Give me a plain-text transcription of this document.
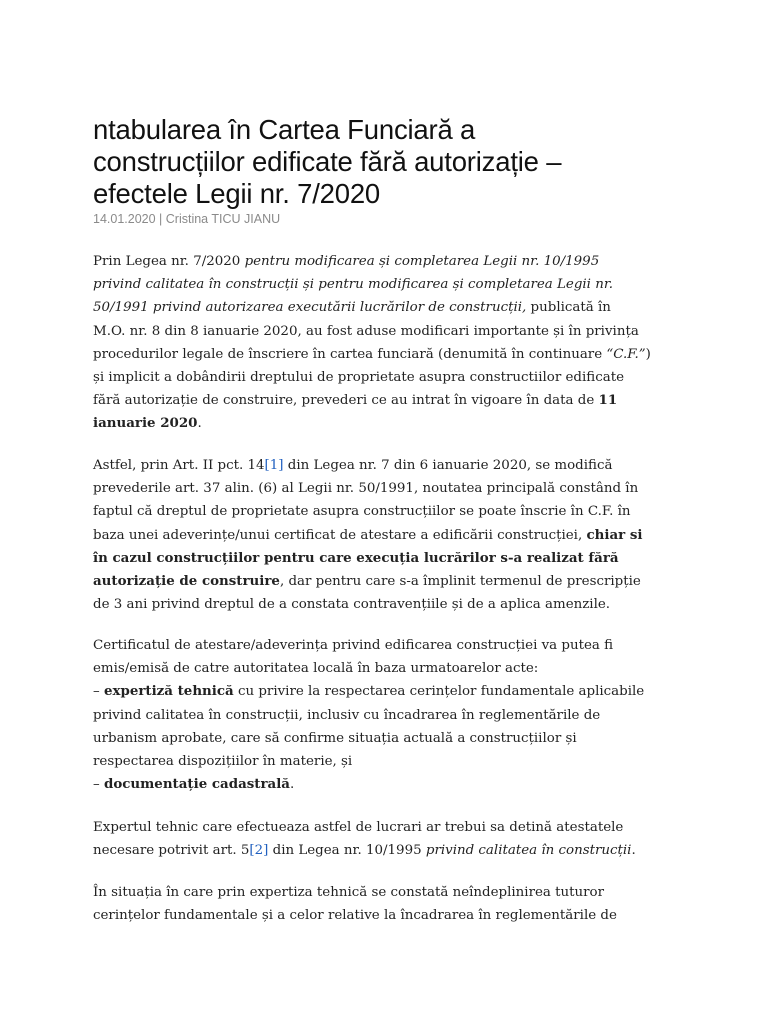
ntabularea în Cartea Funciară a
construcțiilor edificate fără autorizație –
efectele Legii nr. 7/2020
14.01.2020 | Cristina TICU JIANU

Prin Legea nr. 7/2020 pentru modificarea și completarea Legii nr. 10/1995
privind calitatea în construcții și pentru modificarea și completarea Legii nr.
50/1991 privind autorizarea executării lucrărilor de construcții, publicată în
M.O. nr. 8 din 8 ianuarie 2020, au fost aduse modificari importante și în privința
procedurilor legale de înscriere în cartea funciară (denumită în continuare “C.F.”)
și implicit a dobândirii dreptului de proprietate asupra constructiilor edificate
fără autorizație de construire, prevederi ce au intrat în vigoare în data de 11
ianuarie 2020.

Astfel, prin Art. II pct. 14[1] din Legea nr. 7 din 6 ianuarie 2020, se modifică
prevederile art. 37 alin. (6) al Legii nr. 50/1991, noutatea principală constând în
faptul că dreptul de proprietate asupra construcțiilor se poate înscrie în C.F. în
baza unei adeverințe/unui certificat de atestare a edificării construcției, chiar si
în cazul construcțiilor pentru care execuția lucrărilor s-a realizat fără
autorizație de construire, dar pentru care s-a împlinit termenul de prescripție
de 3 ani privind dreptul de a constata contravențiile și de a aplica amenzile.

Certificatul de atestare/adeverința privind edificarea construcției va putea fi
emis/emisă de catre autoritatea locală în baza urmatoarelor acte:
– expertiză tehnică cu privire la respectarea cerințelor fundamentale aplicabile
privind calitatea în construcții, inclusiv cu încadrarea în reglementările de
urbanism aprobate, care să confirme situația actuală a construcțiilor și
respectarea dispozițiilor în materie, și
– documentație cadastrală.

Expertul tehnic care efectueaza astfel de lucrari ar trebui sa detină atestatele
necesare potrivit art. 5[2] din Legea nr. 10/1995 privind calitatea în construcții.

În situația în care prin expertiza tehnică se constată neîndeplinirea tuturor
cerințelor fundamentale și a celor relative la încadrarea în reglementările de
